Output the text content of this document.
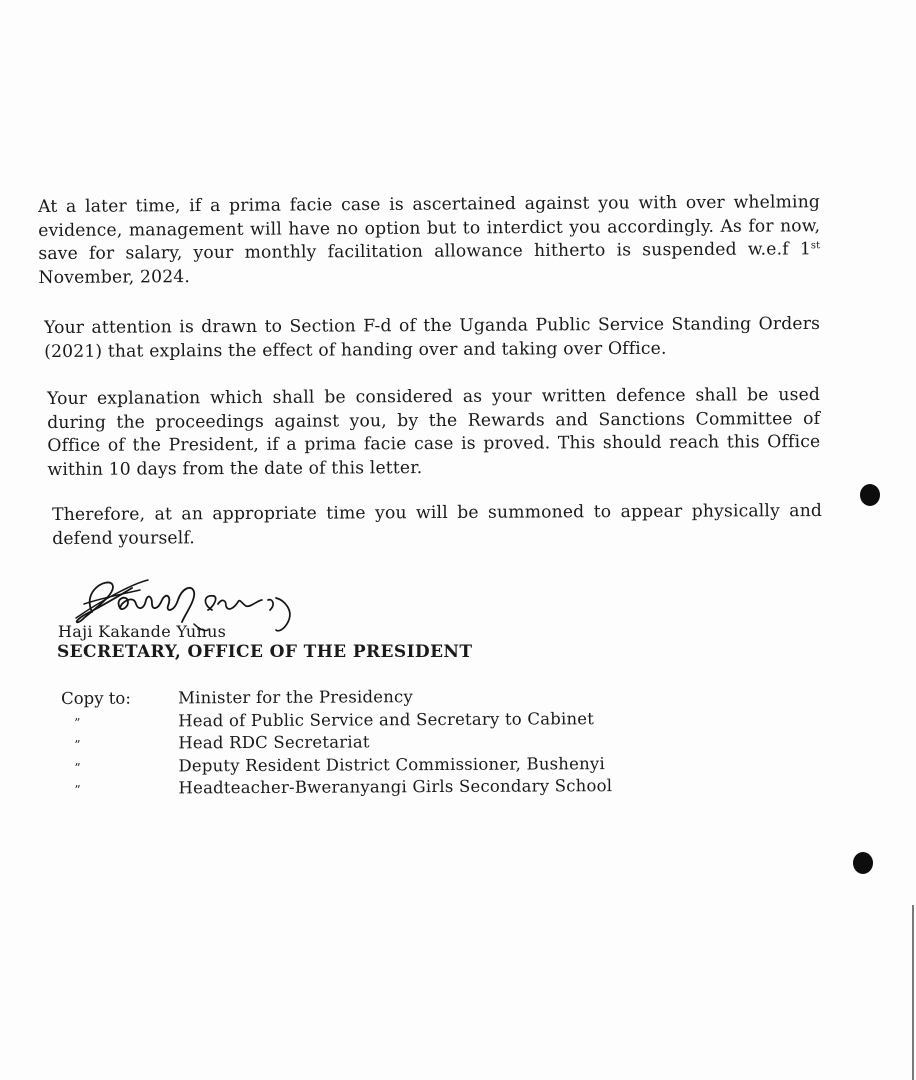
At a later time, if a prima facie case is ascertained against you with over whelming evidence, management will have no option but to interdict you accordingly. As for now, save for salary, your monthly facilitation allowance hitherto is suspended w.e.f 1st November, 2024.

Your attention is drawn to Section F-d of the Uganda Public Service Standing Orders (2021) that explains the effect of handing over and taking over Office.

Your explanation which shall be considered as your written defence shall be used during the proceedings against you, by the Rewards and Sanctions Committee of Office of the President, if a prima facie case is proved. This should reach this Office within 10 days from the date of this letter.

Therefore, at an appropriate time you will be summoned to appear physically and defend yourself.

Haji Kakande Yunus
SECRETARY, OFFICE OF THE PRESIDENT
Copy to:	Minister for the Presidency
”	Head of Public Service and Secretary to Cabinet
”	Head RDC Secretariat
”	Deputy Resident District Commissioner, Bushenyi
”	Headteacher-Bweranyangi Girls Secondary School
